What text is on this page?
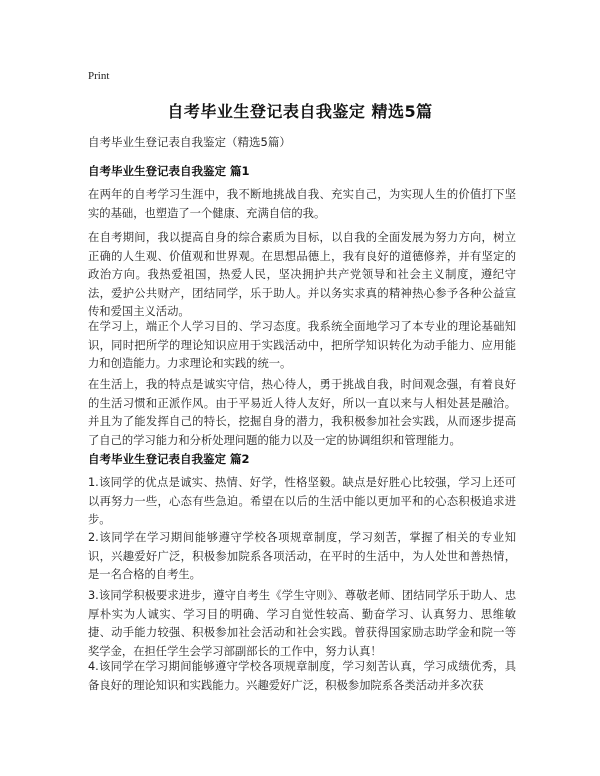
Print
自考毕业生登记表自我鉴定 精选5篇
自考毕业生登记表自我鉴定（精选5篇）
自考毕业生登记表自我鉴定 篇1
在两年的自考学习生涯中，我不断地挑战自我、充实自己，为实现人生的价值打下坚实的基础，也塑造了一个健康、充满自信的我。
在自考期间，我以提高自身的综合素质为目标，以自我的全面发展为努力方向，树立正确的人生观、价值观和世界观。在思想品德上，我有良好的道德修养，并有坚定的政治方向。我热爱祖国，热爱人民，坚决拥护共产党领导和社会主义制度，遵纪守法，爱护公共财产，团结同学，乐于助人。并以务实求真的精神热心参予各种公益宣传和爱国主义活动。
在学习上，端正个人学习目的、学习态度。我系统全面地学习了本专业的理论基础知识，同时把所学的理论知识应用于实践活动中，把所学知识转化为动手能力、应用能力和创造能力。力求理论和实践的统一。
在生活上，我的特点是诚实守信，热心待人，勇于挑战自我，时间观念强，有着良好的生活习惯和正派作风。由于平易近人待人友好，所以一直以来与人相处甚是融洽。并且为了能发挥自己的特长，挖掘自身的潜力，我积极参加社会实践，从而逐步提高了自己的学习能力和分析处理问题的能力以及一定的协调组织和管理能力。
自考毕业生登记表自我鉴定 篇2
1.该同学的优点是诚实、热情、好学，性格坚毅。缺点是好胜心比较强，学习上还可以再努力一些，心态有些急迫。希望在以后的生活中能以更加平和的心态积极追求进步。
2.该同学在学习期间能够遵守学校各项规章制度，学习刻苦，掌握了相关的专业知识，兴趣爱好广泛，积极参加院系各项活动，在平时的生活中，为人处世和善热情，是一名合格的自考生。
3.该同学积极要求进步，遵守自考生《学生守则》、尊敬老师、团结同学乐于助人、忠厚朴实为人诚实、学习目的明确、学习自觉性较高、勤奋学习、认真努力、思维敏捷、动手能力较强、积极参加社会活动和社会实践。曾获得国家励志助学金和院一等奖学金，在担任学生会学习部副部长的工作中，努力认真！
4.该同学在学习期间能够遵守学校各项规章制度，学习刻苦认真，学习成绩优秀，具备良好的理论知识和实践能力。兴趣爱好广泛，积极参加院系各类活动并多次获
